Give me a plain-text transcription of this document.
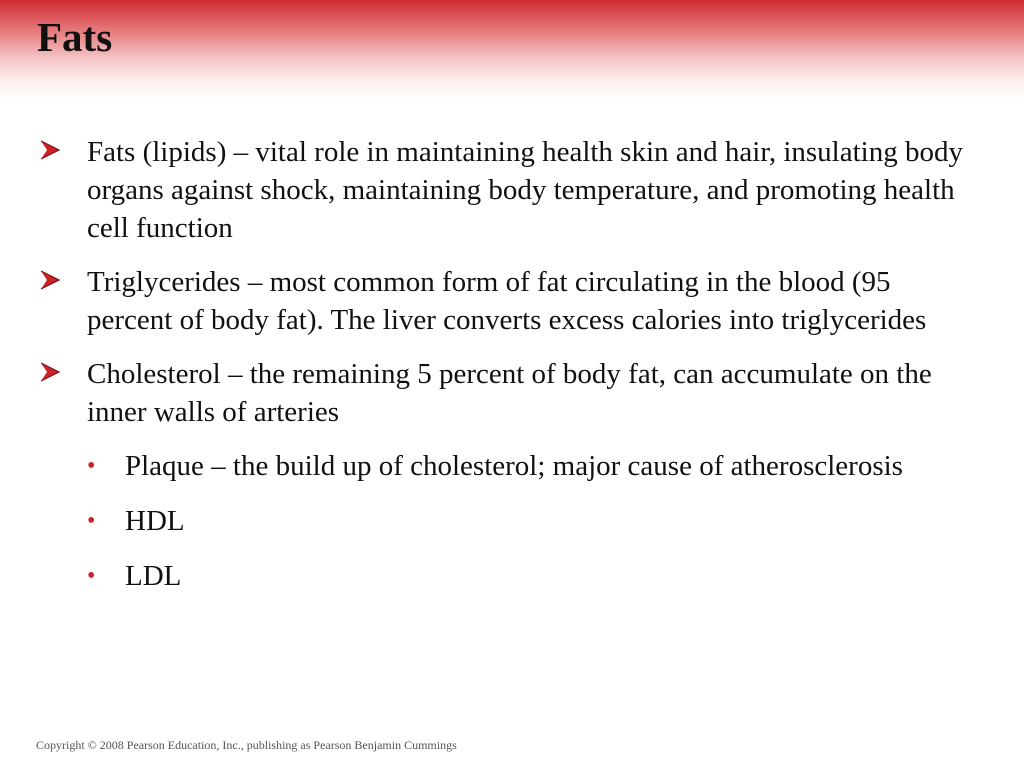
Fats
Fats (lipids) – vital role in maintaining health skin and hair, insulating body organs against shock, maintaining body temperature, and promoting health cell function
Triglycerides – most common form of fat circulating in the blood (95 percent of body fat). The liver converts excess calories into triglycerides
Cholesterol – the remaining 5 percent of body fat, can accumulate on the inner walls of arteries
• Plaque – the build up of cholesterol; major cause of atherosclerosis
• HDL
• LDL
Copyright © 2008 Pearson Education, Inc., publishing as Pearson Benjamin Cummings
